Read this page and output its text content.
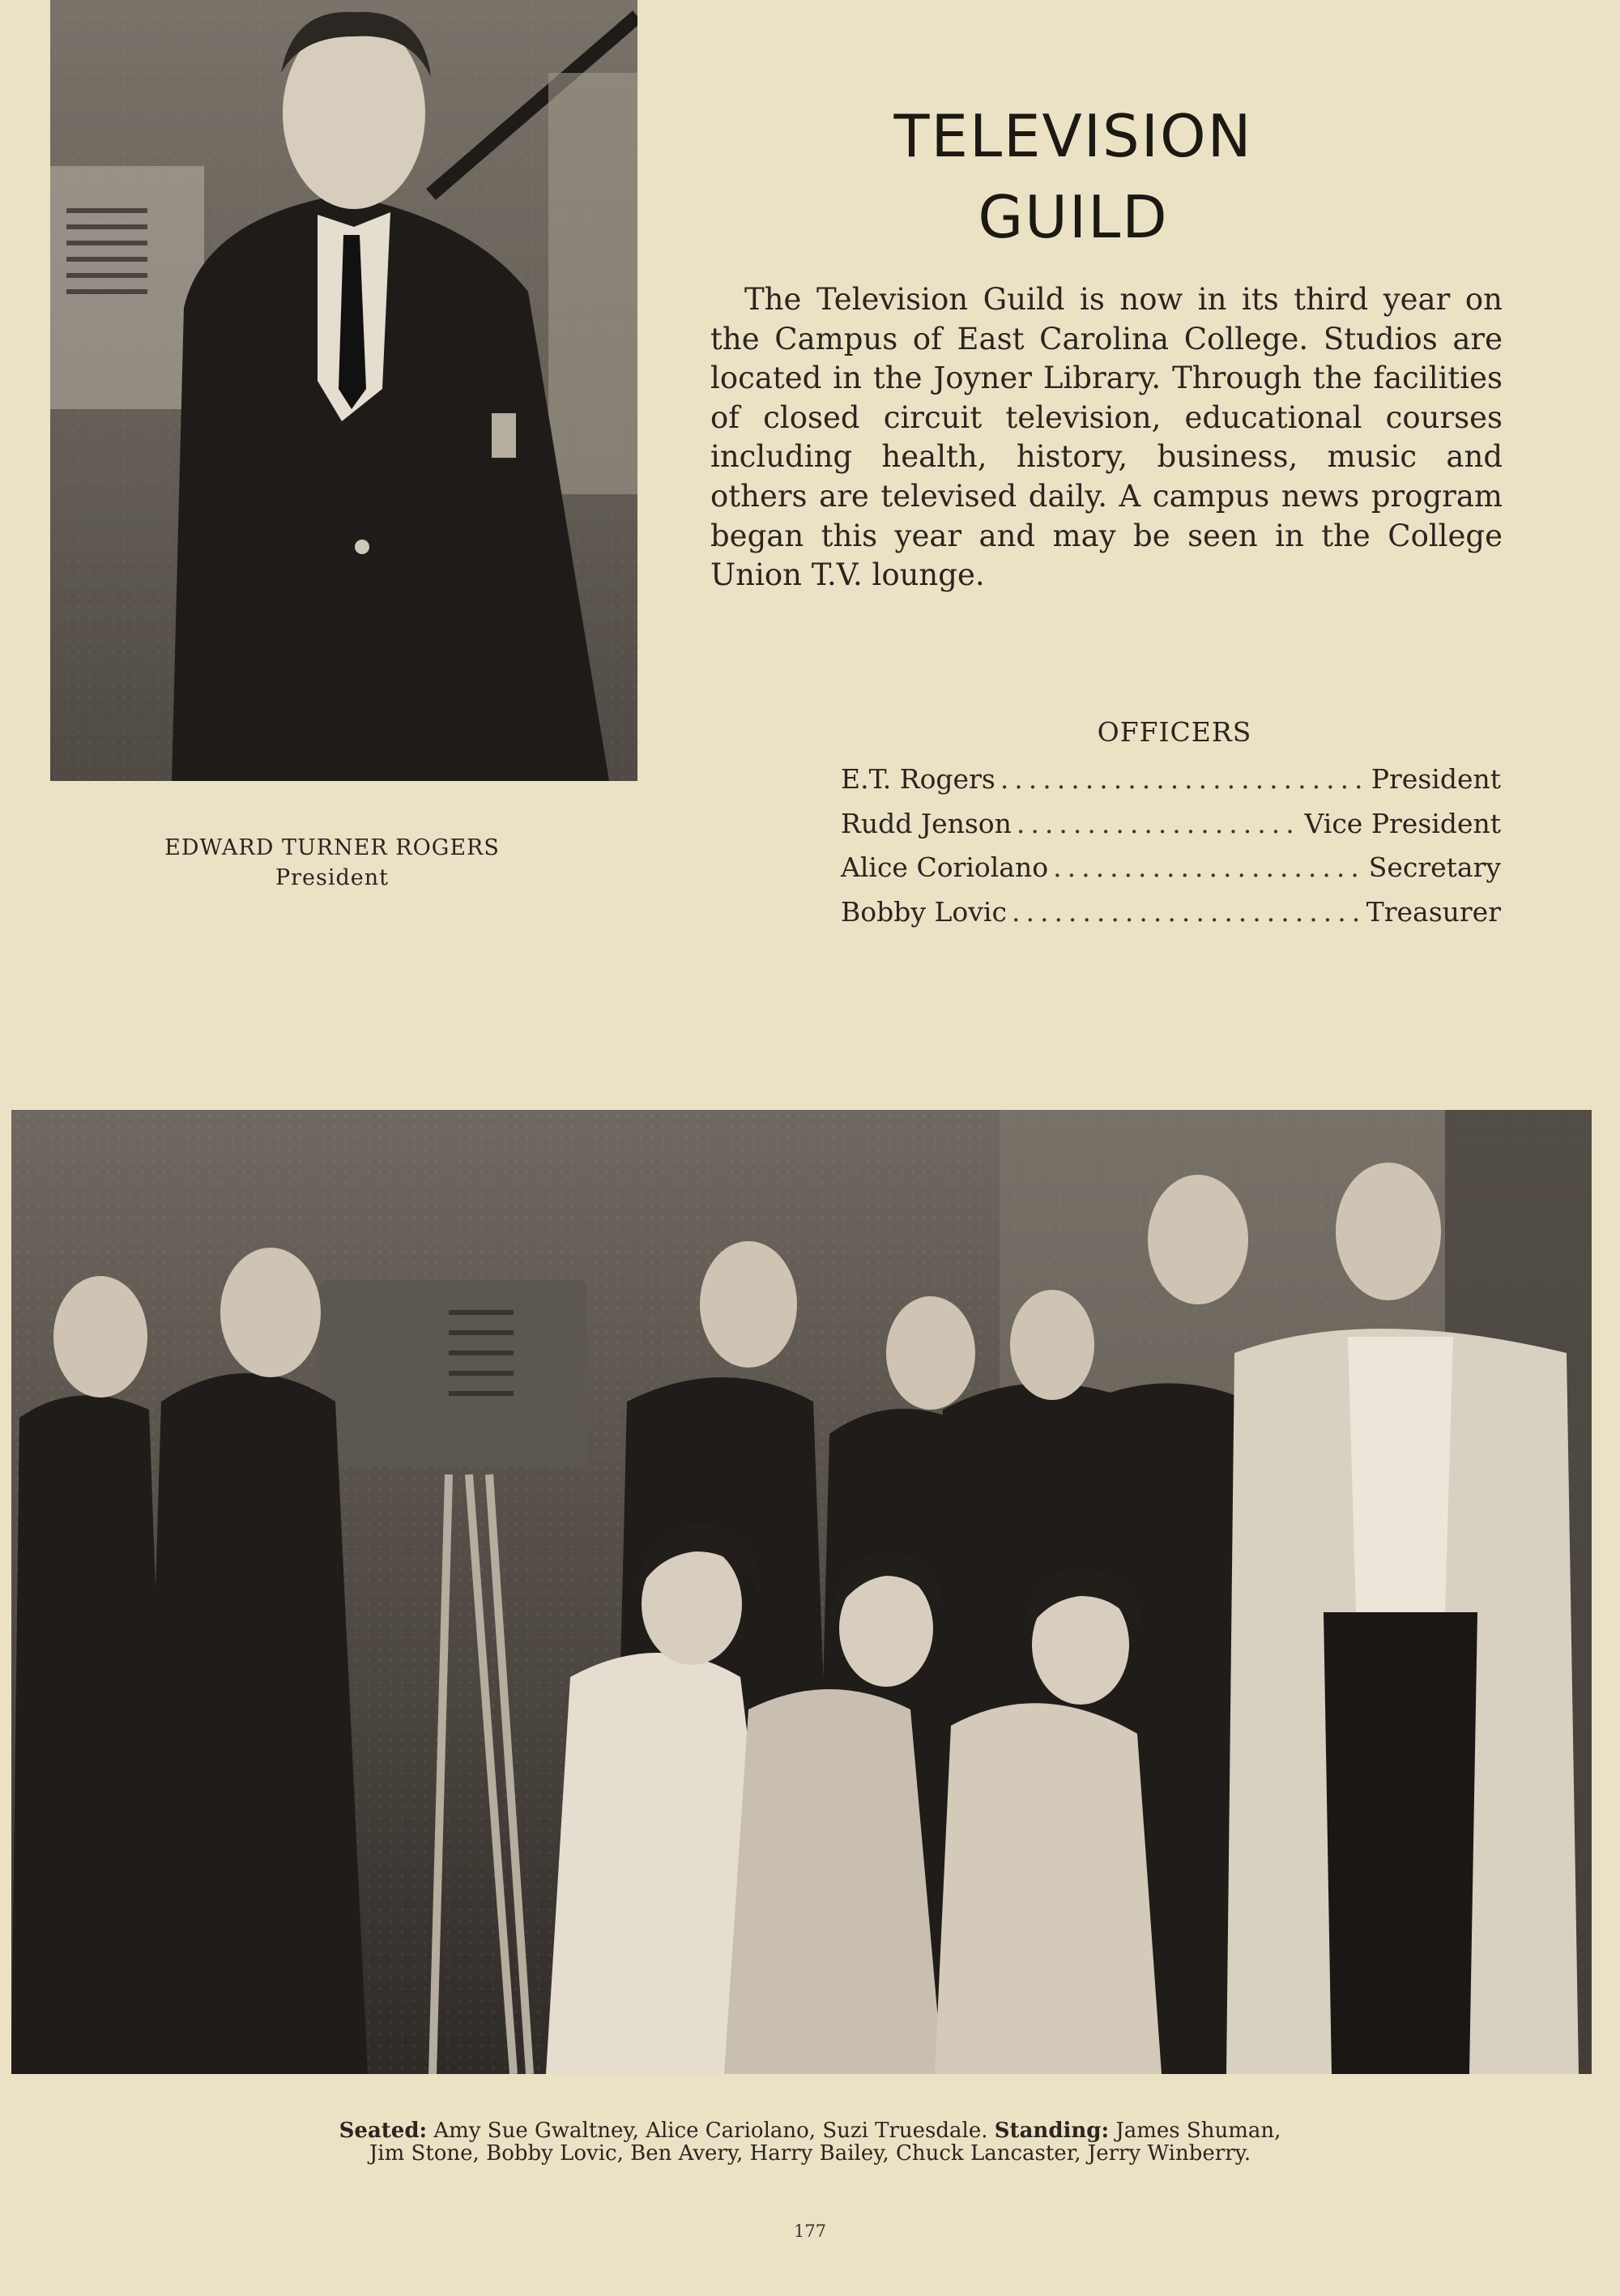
TELEVISION
GUILD

The Television Guild is now in its third year on the Campus of East Carolina College. Studios are located in the Joyner Library. Through the facilities of closed circuit television, educational courses including health, history, business, music and others are televised daily. A campus news program began this year and may be seen in the College Union T.V. lounge.

EDWARD TURNER ROGERS
President
OFFICERS
E.T. Rogers .....	President
Rudd Jenson .....	Vice President
Alice Coriolano .....	Secretary
Bobby Lovic .....	Treasurer
Seated: Amy Sue Gwaltney, Alice Cariolano, Suzi Truesdale. Standing: James Shuman,
Jim Stone, Bobby Lovic, Ben Avery, Harry Bailey, Chuck Lancaster, Jerry Winberry.
177
